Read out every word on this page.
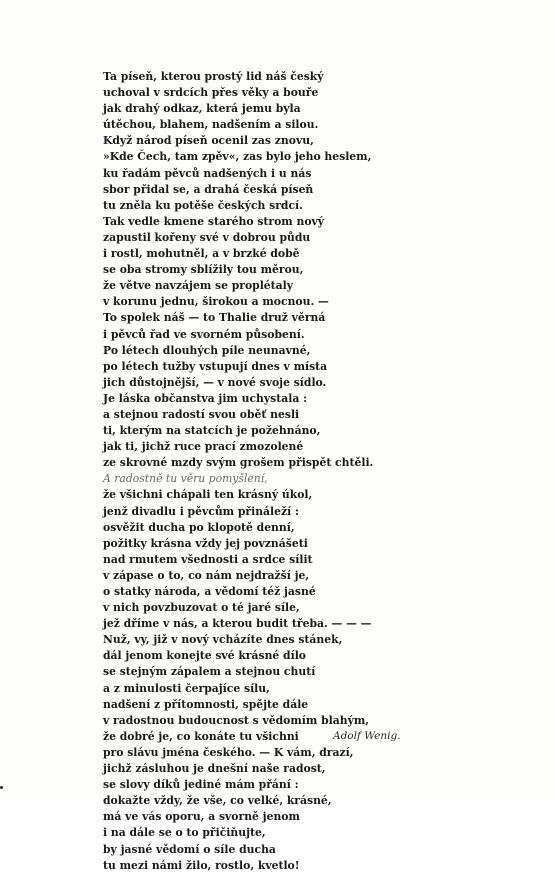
Ta píseň, kterou prostý lid náš český
uchoval v srdcích přes věky a bouře
jak drahý odkaz, která jemu byla
útěchou, blahem, nadšením a silou.
Když národ píseň ocenil zas znovu,
»Kde Čech, tam zpěv«, zas bylo jeho heslem,
ku řadám pěvců nadšených i u nás
sbor přidal se, a drahá česká píseň
tu zněla ku potěše českých srdcí.
Tak vedle kmene starého strom nový
zapustil kořeny své v dobrou půdu
i rostl, mohutněl, a v brzké době
se oba stromy sblížily tou měrou,
že větve navzájem se proplétaly
v korunu jednu, širokou a mocnou. —
To spolek náš — to Thalie druž věrná
i pěvců řad ve svorném působení.
Po létech dlouhých píle neunavné,
po létech tužby vstupují dnes v místa
jich důstojnější, — v nové svoje sídlo.
Je láska občanstva jim uchystala :
a stejnou radostí svou oběť nesli
ti, kterým na statcích je požehnáno,
jak ti, jichž ruce prací zmozolené
ze skrovné mzdy svým grošem přispět chtěli.
A radostně tu věru pomyšlení,
že všichni chápali ten krásný úkol,
jenž divadlu i pěvcům přináleží :
osvěžit ducha po klopotě denní,
požitky krásna vždy jej povznášeti
nad rmutem všednosti a srdce sílit
v zápase o to, co nám nejdražší je,
o statky národa, a vědomí též jasné
v nich povzbuzovat o té jaré síle,
jež dříme v nás, a kterou budit třeba. — — —
Nuž, vy, již v nový vcházíte dnes stánek,
dál jenom konejte své krásné dílo
se stejným zápalem a stejnou chutí
a z minulosti čerpajíce sílu,
nadšení z přítomnosti, spějte dále
v radostnou budoucnost s vědomím blahým,
že dobré je, co konáte tu všichni
pro slávu jména českého. — K vám, drazí,
jichž zásluhou je dnešní naše radost,
se slovy díků jediné mám přání :
dokažte vždy, že vše, co velké, krásné,
má ve vás oporu, a svorně jenom
i na dále se o to přičiňujte,
by jasné vědomí o síle ducha
tu mezi námi žilo, rostlo, kvetlo!
Adolf Wenig.
